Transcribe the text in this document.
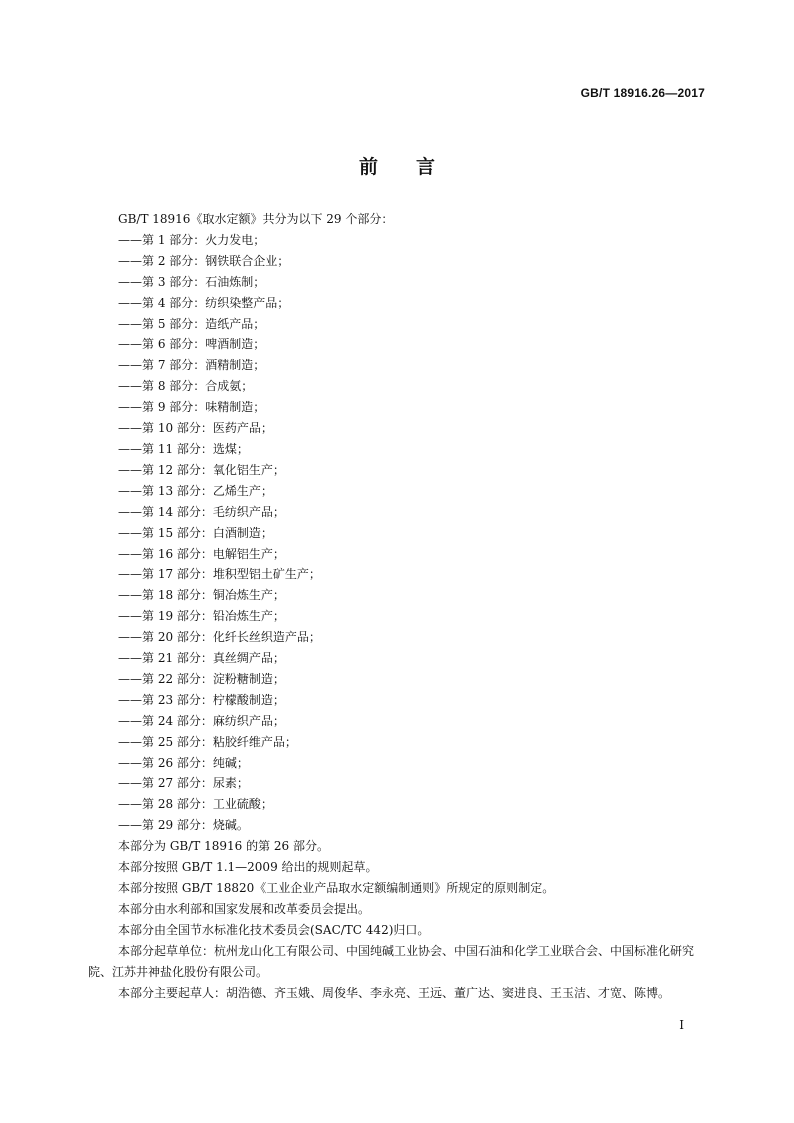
GB/T 18916.26—2017
前 言

GB/T 18916《取水定额》共分为以下 29 个部分：

——第 1 部分：火力发电；

——第 2 部分：钢铁联合企业；

——第 3 部分：石油炼制；

——第 4 部分：纺织染整产品；

——第 5 部分：造纸产品；

——第 6 部分：啤酒制造；

——第 7 部分：酒精制造；

——第 8 部分：合成氨；

——第 9 部分：味精制造；

——第 10 部分：医药产品；

——第 11 部分：选煤；

——第 12 部分：氧化铝生产；

——第 13 部分：乙烯生产；

——第 14 部分：毛纺织产品；

——第 15 部分：白酒制造；

——第 16 部分：电解铝生产；

——第 17 部分：堆积型铝土矿生产；

——第 18 部分：铜冶炼生产；

——第 19 部分：铅冶炼生产；

——第 20 部分：化纤长丝织造产品；

——第 21 部分：真丝绸产品；

——第 22 部分：淀粉糖制造；

——第 23 部分：柠檬酸制造；

——第 24 部分：麻纺织产品；

——第 25 部分：粘胶纤维产品；

——第 26 部分：纯碱；

——第 27 部分：尿素；

——第 28 部分：工业硫酸；

——第 29 部分：烧碱。

本部分为 GB/T 18916 的第 26 部分。

本部分按照 GB/T 1.1—2009 给出的规则起草。

本部分按照 GB/T 18820《工业企业产品取水定额编制通则》所规定的原则制定。

本部分由水利部和国家发展和改革委员会提出。

本部分由全国节水标准化技术委员会(SAC/TC 442)归口。

本部分起草单位：杭州龙山化工有限公司、中国纯碱工业协会、中国石油和化学工业联合会、中国标准化研究院、江苏井神盐化股份有限公司。

本部分主要起草人：胡浩德、齐玉娥、周俊华、李永亮、王远、董广达、窦进良、王玉洁、才宽、陈博。

I
